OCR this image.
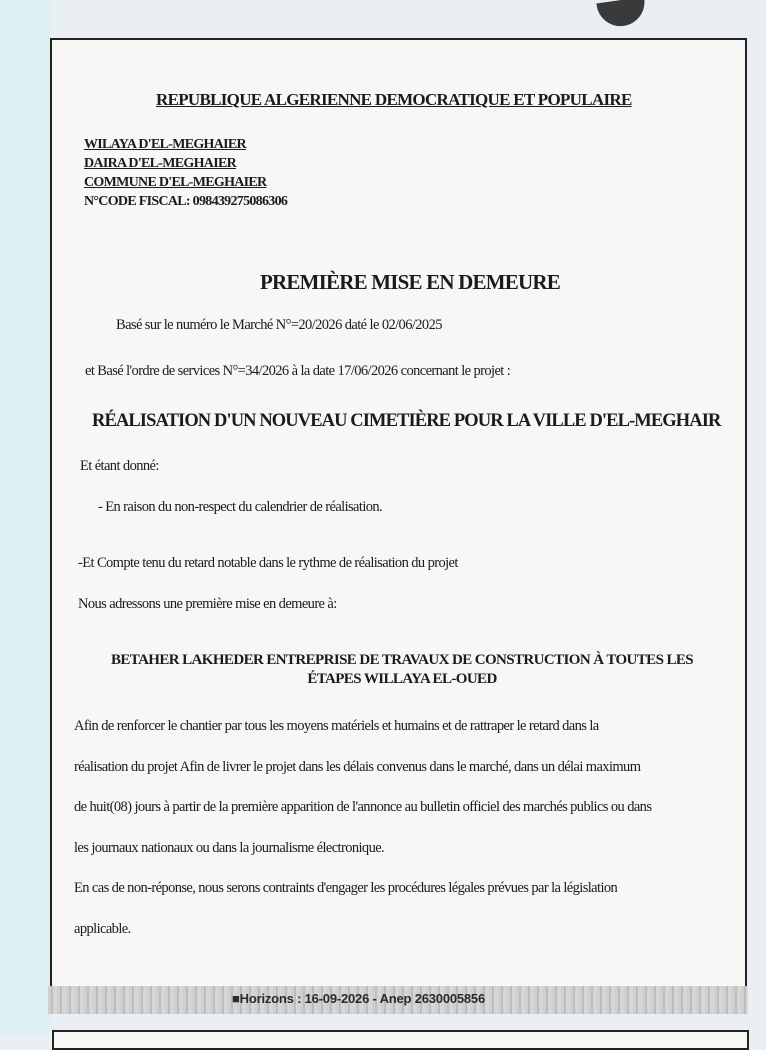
REPUBLIQUE ALGERIENNE DEMOCRATIQUE ET POPULAIRE
WILAYA D'EL-MEGHAIER
DAIRA D'EL-MEGHAIER
COMMUNE D'EL-MEGHAIER
N°CODE FISCAL: 098439275086306
PREMIÈRE MISE EN DEMEURE
Basé sur le numéro le Marché N°=20/2026 daté le 02/06/2025
et Basé l'ordre de services N°=34/2026 à la date 17/06/2026 concernant le projet :
RÉALISATION D'UN NOUVEAU CIMETIÈRE POUR LA VILLE D'EL-MEGHAIR
Et étant donné:
- En raison du non-respect du calendrier de réalisation.
-Et Compte tenu du retard notable dans le rythme de réalisation du projet
Nous adressons une première mise en demeure à:
BETAHER LAKHEDER ENTREPRISE DE TRAVAUX DE CONSTRUCTION À TOUTES LES
ÉTAPES WILLAYA EL-OUED

Afin de renforcer le chantier par tous les moyens matériels et humains et de rattraper le retard dans la

réalisation du projet Afin de livrer le projet dans les délais convenus dans le marché, dans un délai maximum

de huit(08) jours à partir de la première apparition de l'annonce au bulletin officiel des marchés publics ou dans

les journaux nationaux ou dans la journalisme électronique.

En cas de non-réponse, nous serons contraints d'engager les procédures légales prévues par la législation

applicable.

■Horizons : 16-09-2026 - Anep 2630005856
